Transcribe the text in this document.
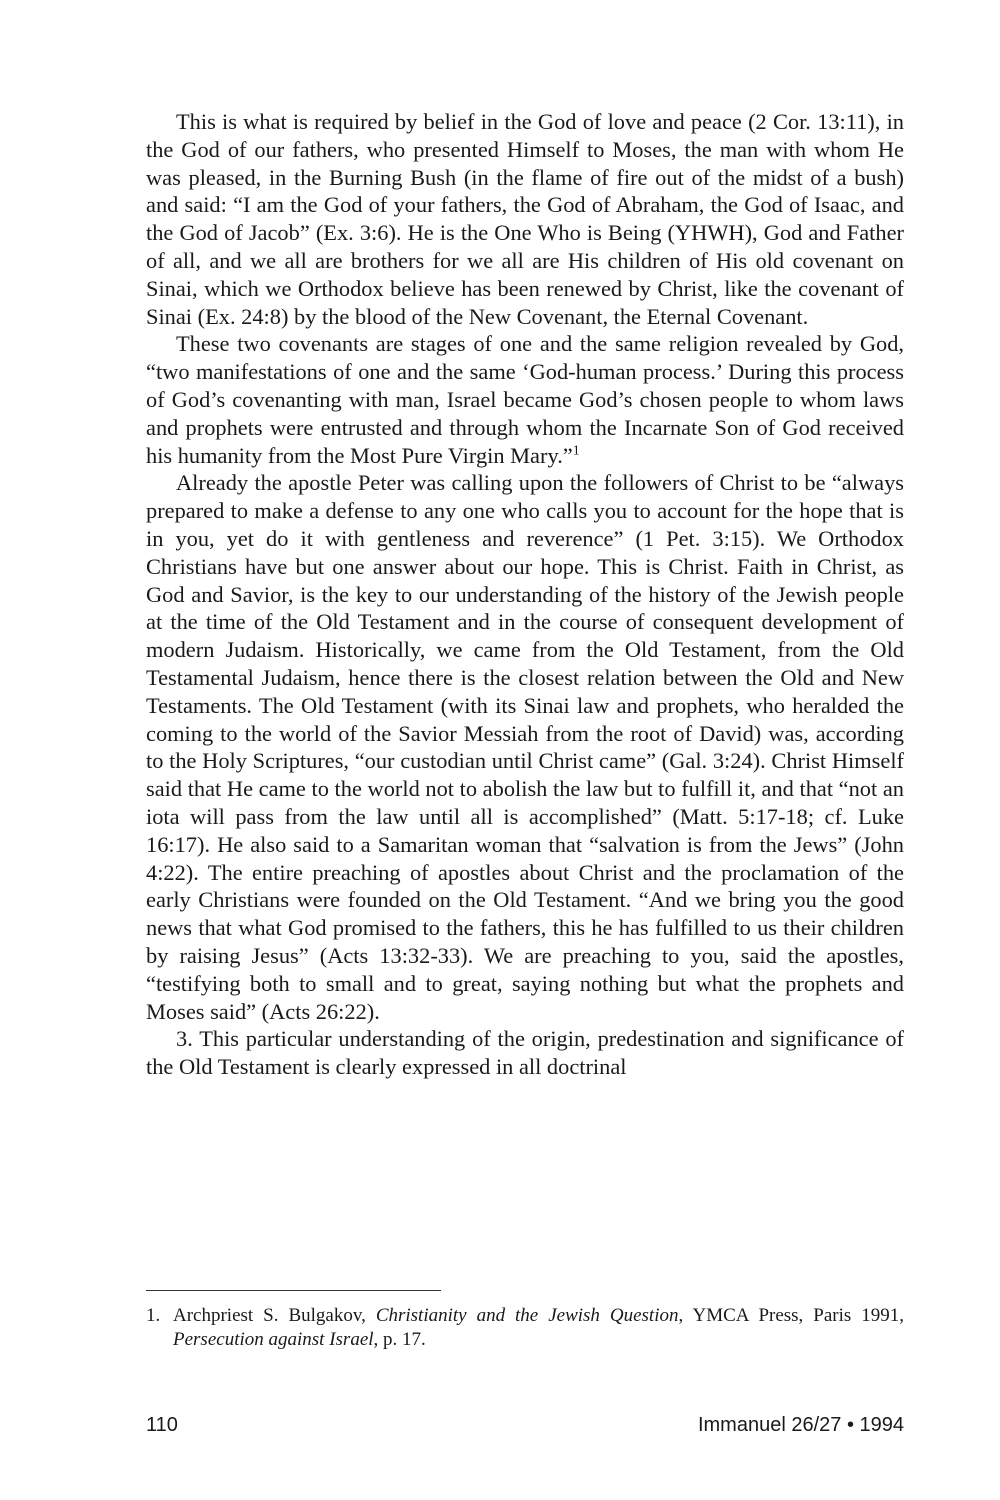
This is what is required by belief in the God of love and peace (2 Cor. 13:11), in the God of our fathers, who presented Himself to Moses, the man with whom He was pleased, in the Burning Bush (in the flame of fire out of the midst of a bush) and said: “I am the God of your fathers, the God of Abraham, the God of Isaac, and the God of Jacob” (Ex. 3:6). He is the One Who is Being (YHWH), God and Father of all, and we all are brothers for we all are His children of His old covenant on Sinai, which we Orthodox believe has been renewed by Christ, like the covenant of Sinai (Ex. 24:8) by the blood of the New Covenant, the Eternal Covenant.

These two covenants are stages of one and the same religion revealed by God, “two manifestations of one and the same ‘God-human process.’ During this process of God’s covenanting with man, Israel became God’s chosen people to whom laws and prophets were entrusted and through whom the Incarnate Son of God received his humanity from the Most Pure Virgin Mary.”$^1$

Already the apostle Peter was calling upon the followers of Christ to be “always prepared to make a defense to any one who calls you to account for the hope that is in you, yet do it with gentleness and reverence” (1 Pet. 3:15). We Orthodox Christians have but one answer about our hope. This is Christ. Faith in Christ, as God and Savior, is the key to our understanding of the history of the Jewish people at the time of the Old Testament and in the course of consequent development of modern Judaism. Historically, we came from the Old Testament, from the Old Testamental Judaism, hence there is the closest relation between the Old and New Testaments. The Old Testament (with its Sinai law and prophets, who heralded the coming to the world of the Savior Messiah from the root of David) was, according to the Holy Scriptures, “our custodian until Christ came” (Gal. 3:24). Christ Himself said that He came to the world not to abolish the law but to fulfill it, and that “not an iota will pass from the law until all is accomplished” (Matt. 5:17-18; cf. Luke 16:17). He also said to a Samaritan woman that “salvation is from the Jews” (John 4:22). The entire preaching of apostles about Christ and the proclamation of the early Christians were founded on the Old Testament. “And we bring you the good news that what God promised to the fathers, this he has fulfilled to us their children by raising Jesus” (Acts 13:32-33). We are preaching to you, said the apostles, “testifying both to small and to great, saying nothing but what the prophets and Moses said” (Acts 26:22).

3. This particular understanding of the origin, predestination and significance of the Old Testament is clearly expressed in all doctrinal

1. Archpriest S. Bulgakov, Christianity and the Jewish Question, YMCA Press, Paris 1991, Persecution against Israel, p. 17.

110	Immanuel 26/27 • 1994
